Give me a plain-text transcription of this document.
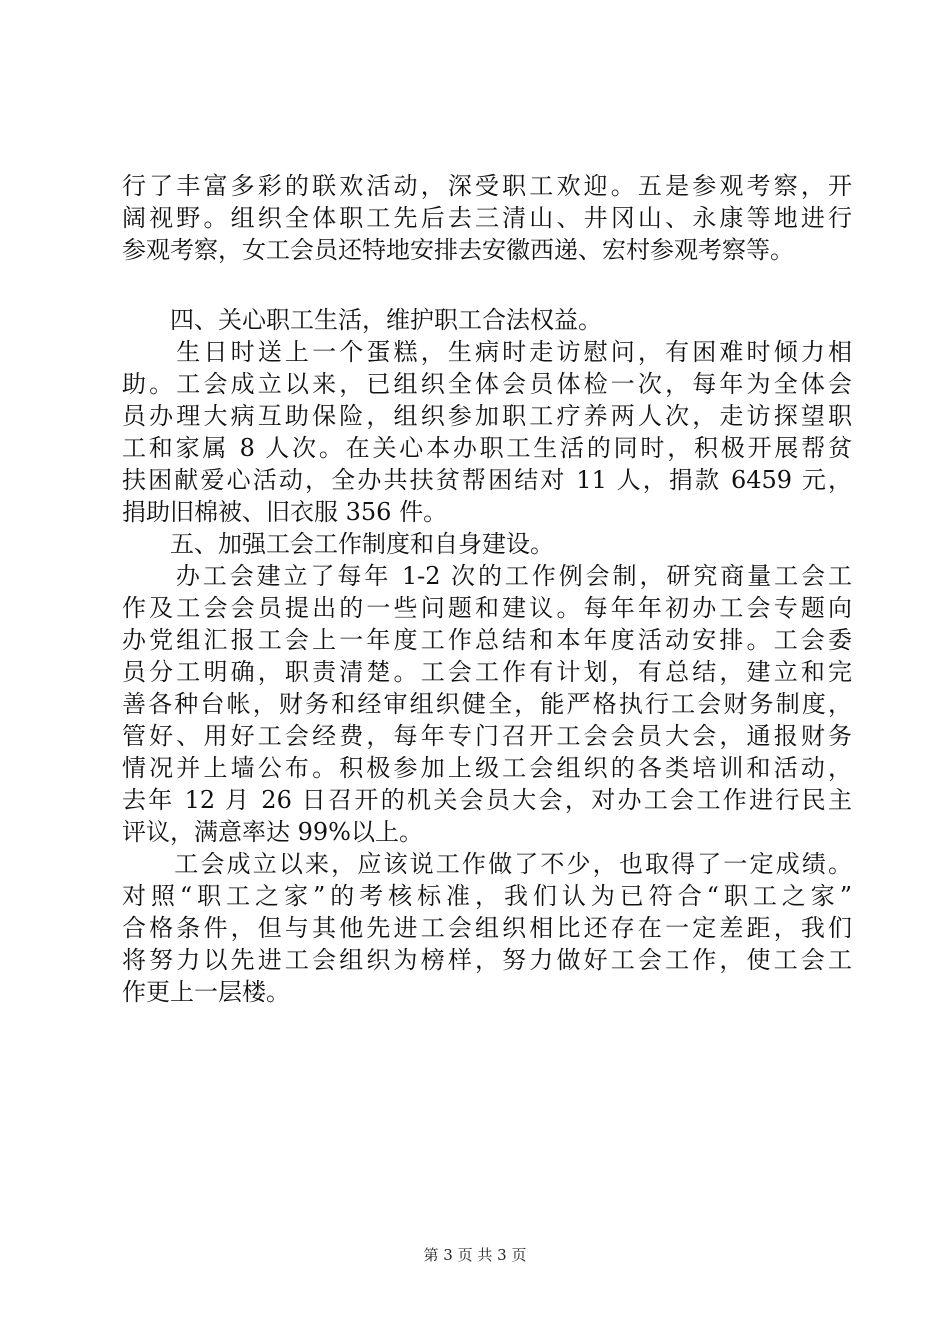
行了丰富多彩的联欢活动，深受职工欢迎。五是参观考察，开
阔视野。组织全体职工先后去三清山、井冈山、永康等地进行
参观考察，女工会员还特地安排去安徽西递、宏村参观考察等。
　　四、关心职工生活，维护职工合法权益。
　　生日时送上一个蛋糕，生病时走访慰问，有困难时倾力相
助。工会成立以来，已组织全体会员体检一次，每年为全体会
员办理大病互助保险，组织参加职工疗养两人次，走访探望职
工和家属 8 人次。在关心本办职工生活的同时，积极开展帮贫
扶困献爱心活动，全办共扶贫帮困结对 11 人，捐款 6459 元，
捐助旧棉被、旧衣服 356 件。
　　五、加强工会工作制度和自身建设。
　　办工会建立了每年 1-2 次的工作例会制，研究商量工会工
作及工会会员提出的一些问题和建议。每年年初办工会专题向
办党组汇报工会上一年度工作总结和本年度活动安排。工会委
员分工明确，职责清楚。工会工作有计划，有总结，建立和完
善各种台帐，财务和经审组织健全，能严格执行工会财务制度，
管好、用好工会经费，每年专门召开工会会员大会，通报财务
情况并上墙公布。积极参加上级工会组织的各类培训和活动，
去年 12 月 26 日召开的机关会员大会，对办工会工作进行民主
评议，满意率达 99%以上。
　　工会成立以来，应该说工作做了不少，也取得了一定成绩。
对照“职工之家”的考核标准，我们认为已符合“职工之家”
合格条件，但与其他先进工会组织相比还存在一定差距，我们
将努力以先进工会组织为榜样，努力做好工会工作，使工会工
作更上一层楼。
第 3 页 共 3 页
